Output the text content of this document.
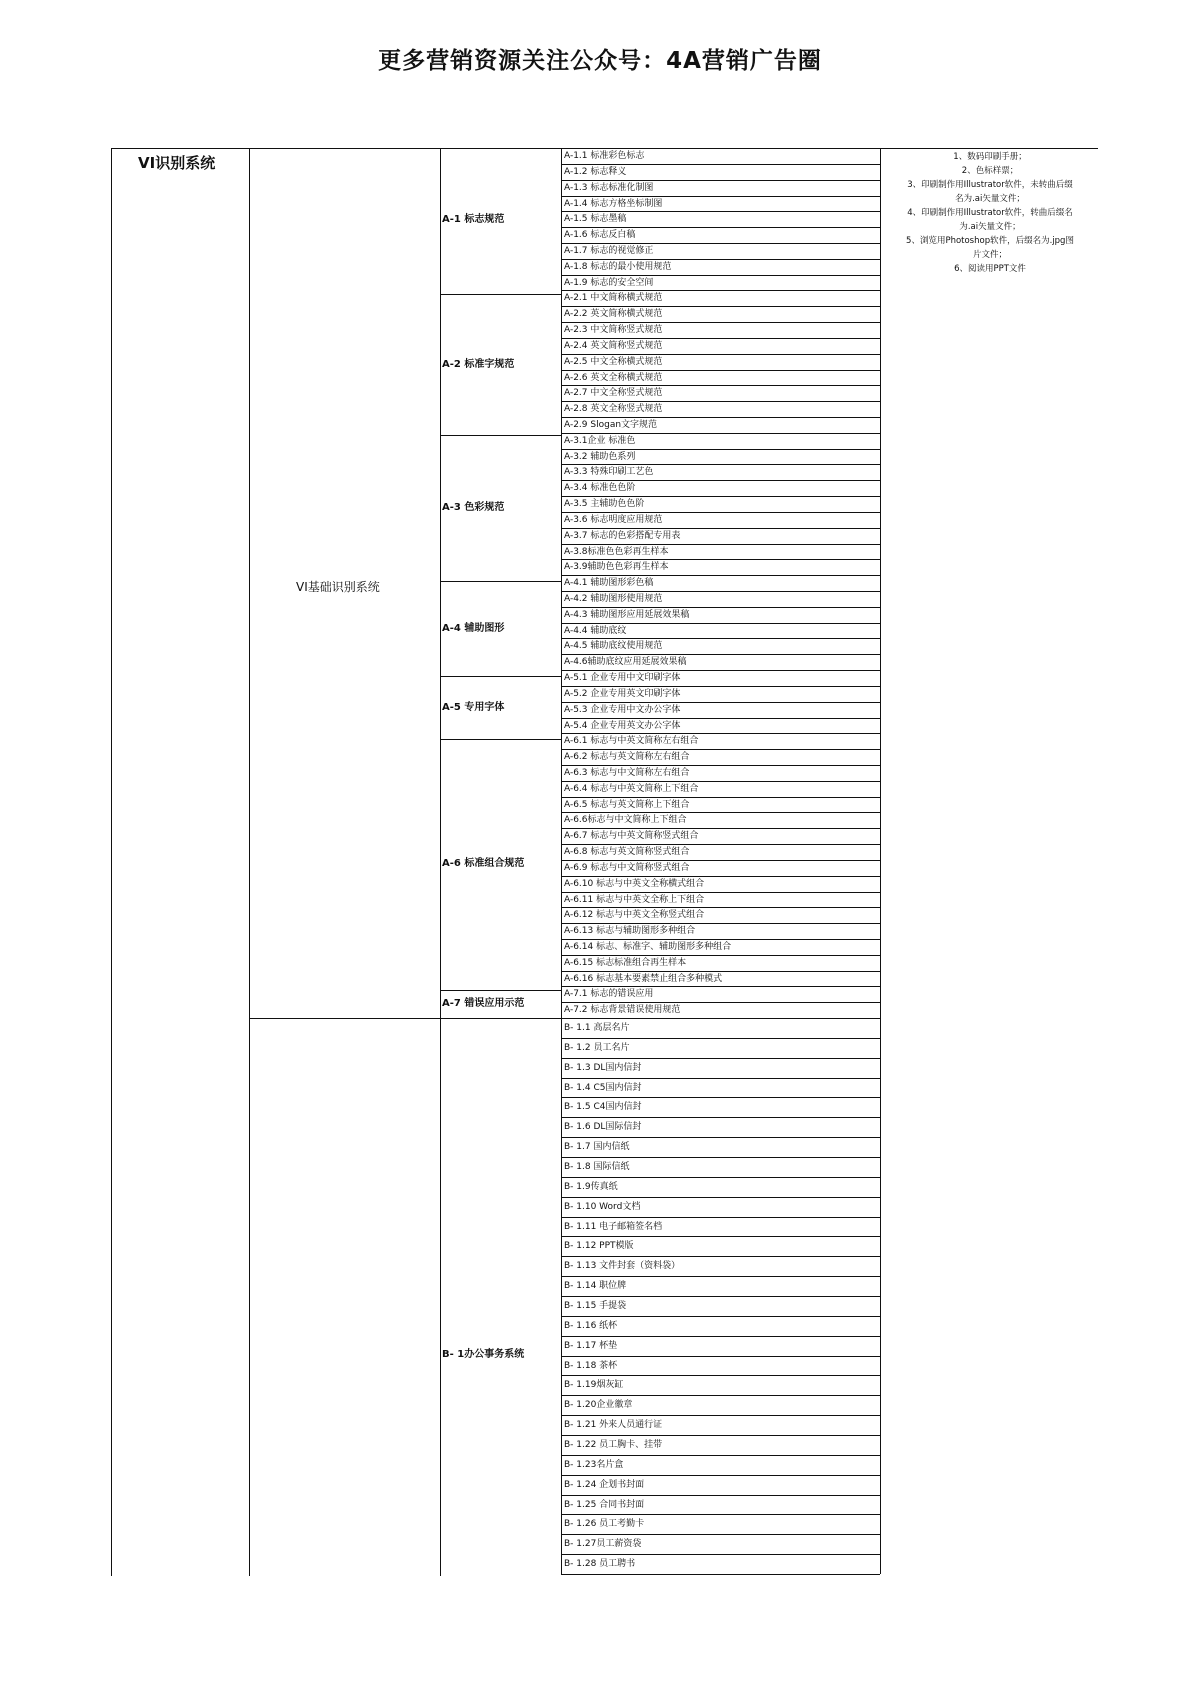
更多营销资源关注公众号：4A营销广告圈
VI识别系统
VI基础识别系统
A-1 标志规范
A-2 标准字规范
A-3 色彩规范
A-4 辅助图形
A-5 专用字体
A-6 标准组合规范
A-7 错误应用示范
B- 1办公事务系统
1、数码印刷手册；
2、色标样票；
3、印刷制作用Illustrator软件，未转曲后缀
名为.ai矢量文件；
4、印刷制作用Illustrator软件，转曲后缀名
为.ai矢量文件；
5、浏览用Photoshop软件，后缀名为.jpg图
片文件；
6、阅读用PPT文件
A-1.1 标准彩色标志
A-1.2 标志释义
A-1.3 标志标准化制图
A-1.4 标志方格坐标制图
A-1.5 标志墨稿
A-1.6 标志反白稿
A-1.7 标志的视觉修正
A-1.8 标志的最小使用规范
A-1.9 标志的安全空间
A-2.1 中文简称横式规范
A-2.2 英文简称横式规范
A-2.3 中文简称竖式规范
A-2.4 英文简称竖式规范
A-2.5 中文全称横式规范
A-2.6 英文全称横式规范
A-2.7 中文全称竖式规范
A-2.8 英文全称竖式规范
A-2.9 Slogan文字规范
A-3.1企业 标准色
A-3.2 辅助色系列
A-3.3 特殊印刷工艺色
A-3.4 标准色色阶
A-3.5 主辅助色色阶
A-3.6 标志明度应用规范
A-3.7 标志的色彩搭配专用表
A-3.8标准色色彩再生样本
A-3.9辅助色色彩再生样本
A-4.1 辅助图形彩色稿
A-4.2 辅助图形使用规范
A-4.3 辅助图形应用延展效果稿
A-4.4 辅助底纹
A-4.5 辅助底纹使用规范
A-4.6辅助底纹应用延展效果稿
A-5.1 企业专用中文印刷字体
A-5.2 企业专用英文印刷字体
A-5.3 企业专用中文办公字体
A-5.4 企业专用英文办公字体
A-6.1 标志与中英文简称左右组合
A-6.2 标志与英文简称左右组合
A-6.3 标志与中文简称左右组合
A-6.4 标志与中英文简称上下组合
A-6.5 标志与英文简称上下组合
A-6.6标志与中文简称上下组合
A-6.7 标志与中英文简称竖式组合
A-6.8 标志与英文简称竖式组合
A-6.9 标志与中文简称竖式组合
A-6.10 标志与中英文全称横式组合
A-6.11 标志与中英文全称上下组合
A-6.12 标志与中英文全称竖式组合
A-6.13 标志与辅助图形多种组合
A-6.14 标志、标准字、辅助图形多种组合
A-6.15 标志标准组合再生样本
A-6.16 标志基本要素禁止组合多种模式
A-7.1 标志的错误应用
A-7.2 标志背景错误使用规范
B- 1.1 高层名片
B- 1.2 员工名片
B- 1.3 DL国内信封
B- 1.4 C5国内信封
B- 1.5 C4国内信封
B- 1.6 DL国际信封
B- 1.7 国内信纸
B- 1.8 国际信纸
B- 1.9传真纸
B- 1.10 Word文档
B- 1.11 电子邮箱签名档
B- 1.12 PPT模版
B- 1.13 文件封套（资料袋）
B- 1.14 职位牌
B- 1.15 手提袋
B- 1.16 纸杯
B- 1.17 杯垫
B- 1.18 茶杯
B- 1.19烟灰缸
B- 1.20企业徽章
B- 1.21 外来人员通行证
B- 1.22 员工胸卡、挂带
B- 1.23名片盒
B- 1.24 企划书封面
B- 1.25 合同书封面
B- 1.26 员工考勤卡
B- 1.27员工薪资袋
B- 1.28 员工聘书
